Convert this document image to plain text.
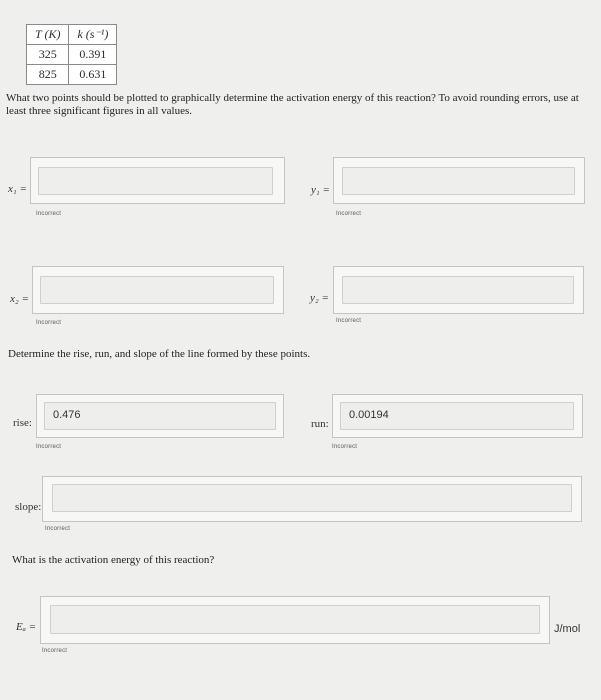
T (K)	k (s⁻¹)
325	0.391
825	0.631
What two points should be plotted to graphically determine the activation energy of this reaction? To avoid rounding errors, use at least three significant figures in all values.
x₁ =
Incorrect
y₁ =
Incorrect
x₂ =
Incorrect
y₂ =
Incorrect
Determine the rise, run, and slope of the line formed by these points.
rise:
0.476
Incorrect
run:
0.00194
Incorrect
slope:
Incorrect
What is the activation energy of this reaction?
Eₐ =	J/mol
Incorrect
